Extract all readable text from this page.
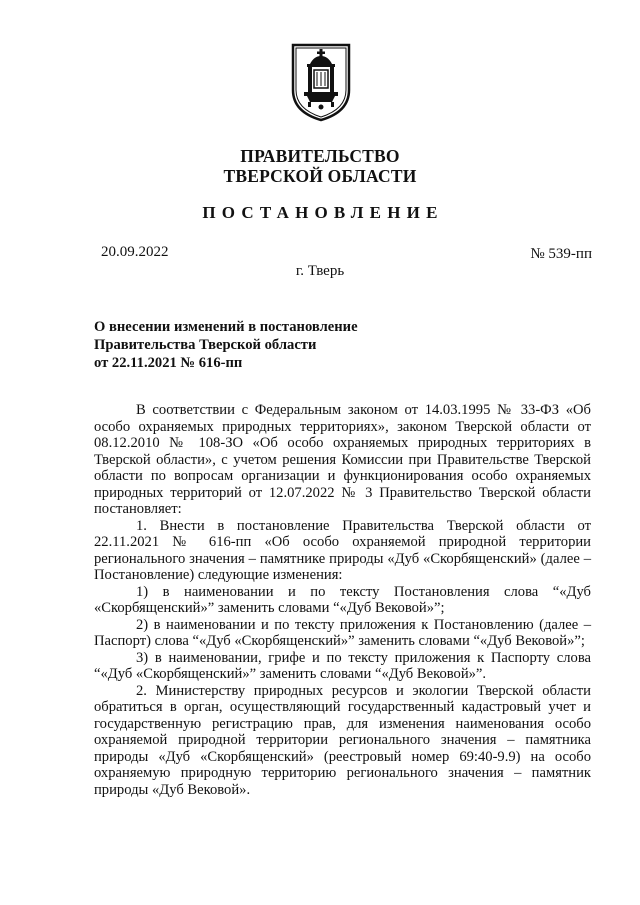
ПРАВИТЕЛЬСТВО
ТВЕРСКОЙ ОБЛАСТИ
ПОСТАНОВЛЕНИЕ
20.09.2022	№ 539-пп
г. Тверь
О внесении изменений в постановление
Правительства Тверской области
от 22.11.2021 № 616-пп

В соответствии с Федеральным законом от 14.03.1995 № 33-ФЗ «Об особо охраняемых природных территориях», законом Тверской области от 08.12.2010 № 108-ЗО «Об особо охраняемых природных территориях в Тверской области», с учетом решения Комиссии при Правительстве Тверской области по вопросам организации и функционирования особо охраняемых природных территорий от 12.07.2022 № 3 Правительство Тверской области постановляет:

1. Внести в постановление Правительства Тверской области от 22.11.2021 № 616-пп «Об особо охраняемой природной территории регионального значения – памятнике природы «Дуб «Скорбященский» (далее – Постановление) следующие изменения:

1) в наименовании и по тексту Постановления слова “«Дуб «Скорбященский»” заменить словами “«Дуб Вековой»”;

2) в наименовании и по тексту приложения к Постановлению (далее – Паспорт) слова “«Дуб «Скорбященский»” заменить словами “«Дуб Вековой»”;

3) в наименовании, грифе и по тексту приложения к Паспорту слова “«Дуб «Скорбященский»” заменить словами “«Дуб Вековой»”.

2. Министерству природных ресурсов и экологии Тверской области обратиться в орган, осуществляющий государственный кадастровый учет и государственную регистрацию прав, для изменения наименования особо охраняемой природной территории регионального значения – памятника природы «Дуб «Скорбященский» (реестровый номер 69:40-9.9) на особо охраняемую природную территорию регионального значения – памятник природы «Дуб Вековой».
